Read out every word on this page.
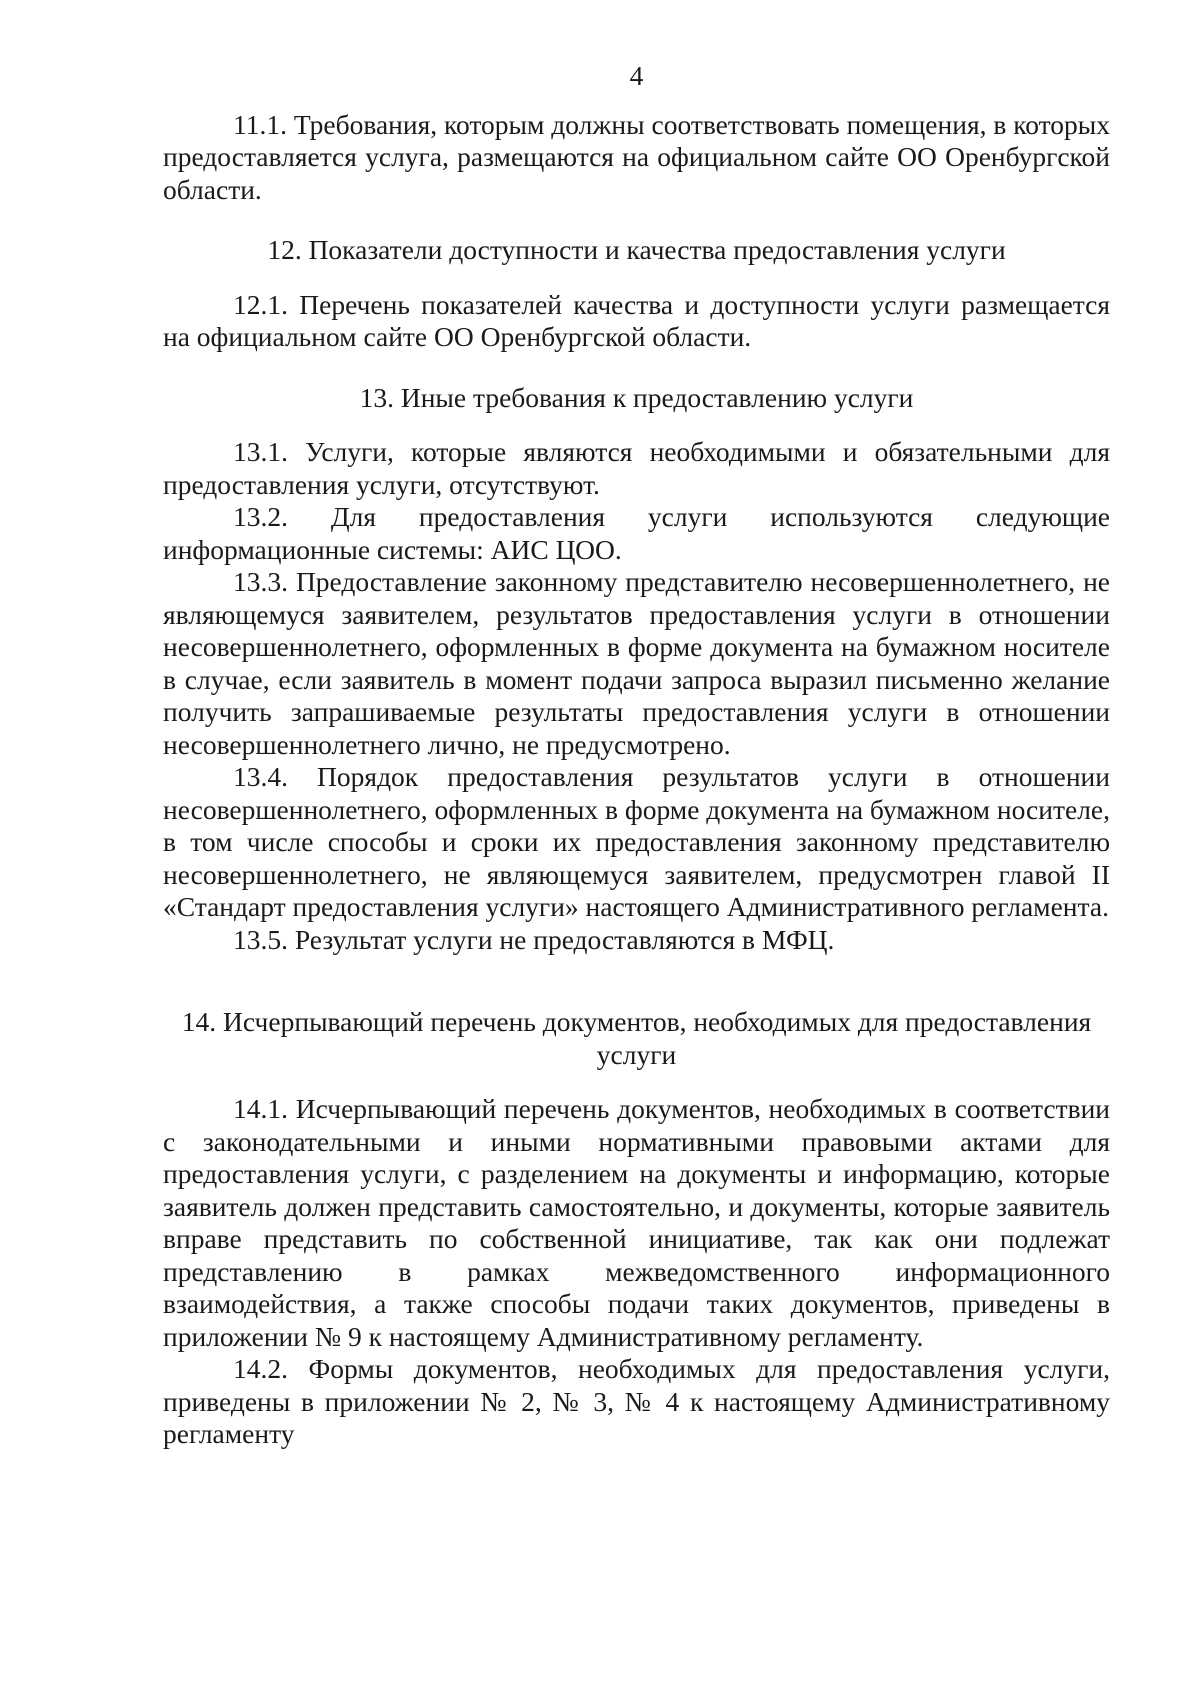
4

11.1. Требования, которым должны соответствовать помещения, в которых предоставляется услуга, размещаются на официальном сайте ОО Оренбургской области.

12. Показатели доступности и качества предоставления услуги

12.1. Перечень показателей качества и доступности услуги размещается на официальном сайте ОО Оренбургской области.

13. Иные требования к предоставлению услуги

13.1. Услуги, которые являются необходимыми и обязательными для предоставления услуги, отсутствуют.

13.2. Для предоставления услуги используются следующие информационные системы: АИС ЦОО.

13.3. Предоставление законному представителю несовершеннолетнего, не являющемуся заявителем, результатов предоставления услуги в отношении несовершеннолетнего, оформленных в форме документа на бумажном носителе в случае, если заявитель в момент подачи запроса выразил письменно желание получить запрашиваемые результаты предоставления услуги в отношении несовершеннолетнего лично, не предусмотрено.

13.4. Порядок предоставления результатов услуги в отношении несовершеннолетнего, оформленных в форме документа на бумажном носителе, в том числе способы и сроки их предоставления законному представителю несовершеннолетнего, не являющемуся заявителем, предусмотрен главой II «Стандарт предоставления услуги» настоящего Административного регламента.

13.5. Результат услуги не предоставляются в МФЦ.

14. Исчерпывающий перечень документов, необходимых для предоставления услуги

14.1. Исчерпывающий перечень документов, необходимых в соответствии с законодательными и иными нормативными правовыми актами для предоставления услуги, с разделением на документы и информацию, которые заявитель должен представить самостоятельно, и документы, которые заявитель вправе представить по собственной инициативе, так как они подлежат представлению в рамках межведомственного информационного взаимодействия, а также способы подачи таких документов, приведены в приложении № 9 к настоящему Административному регламенту.

14.2. Формы документов, необходимых для предоставления услуги, приведены в приложении № 2, № 3, № 4 к настоящему Административному регламенту
